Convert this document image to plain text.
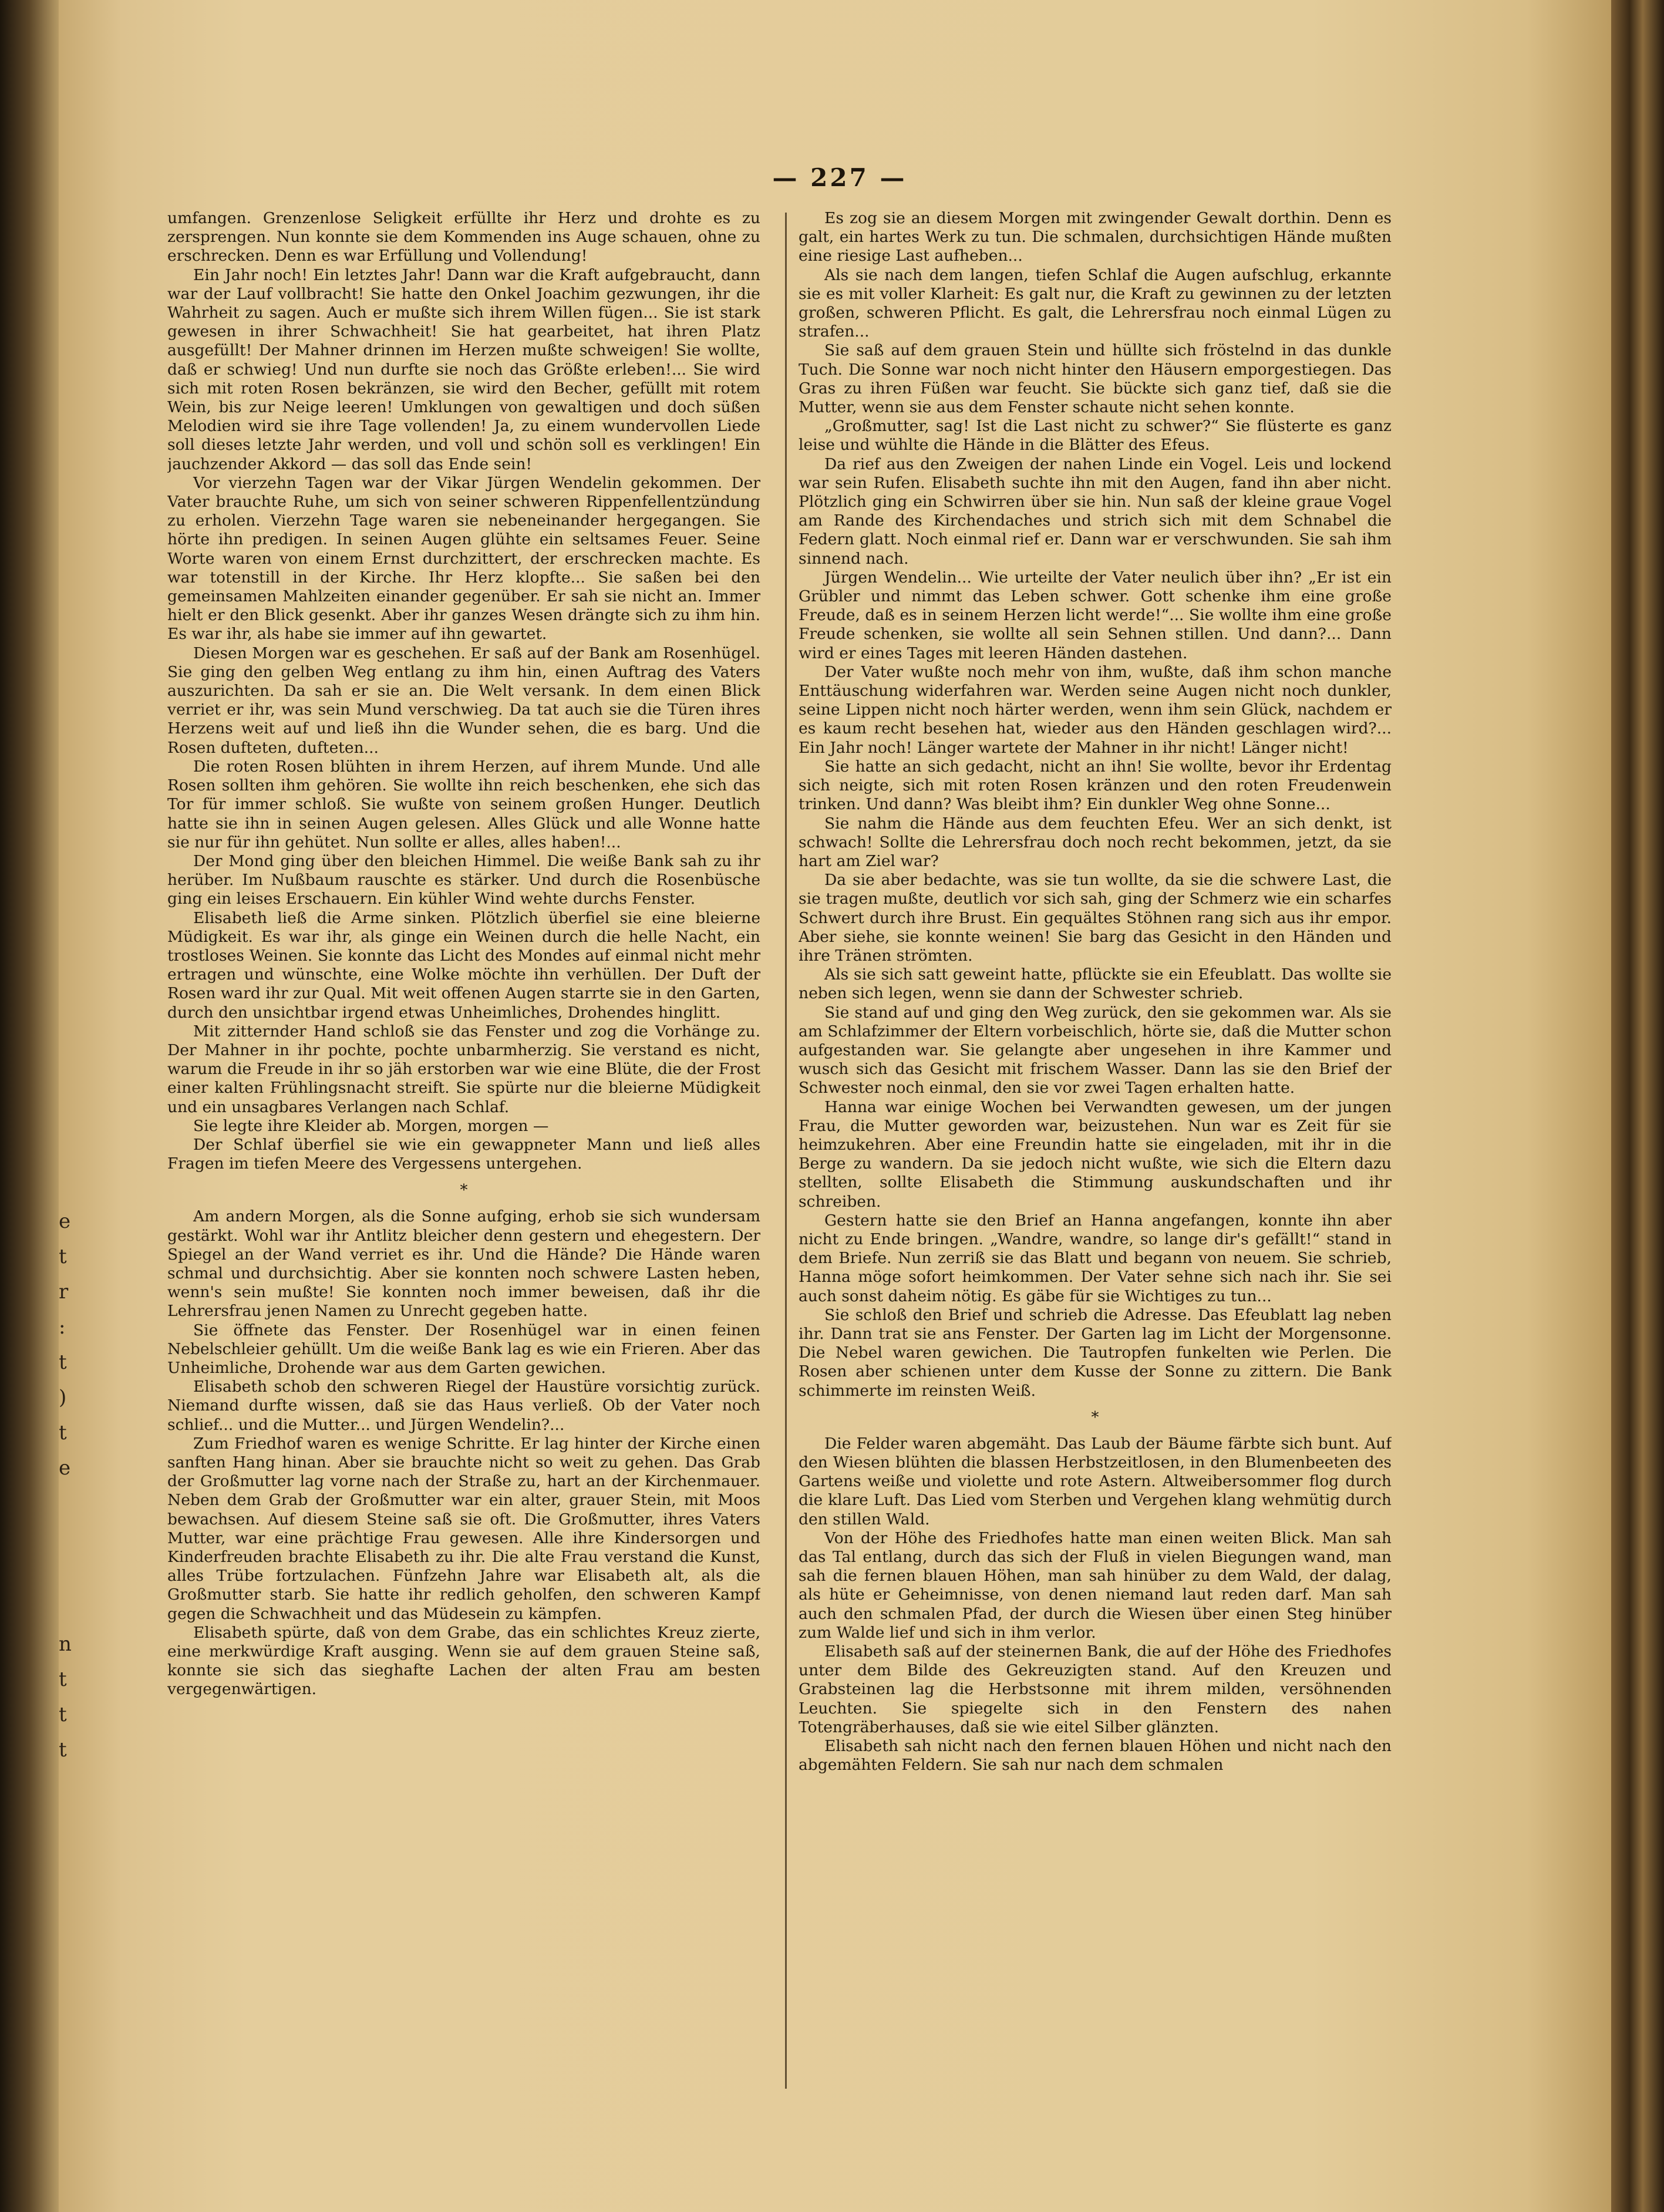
e
t
r
:
t
)
t
e

n
t
t
t
— 227 —

umfangen. Grenzenlose Seligkeit erfüllte ihr Herz und drohte es zu zersprengen. Nun konnte sie dem Kommenden ins Auge schauen, ohne zu erschrecken. Denn es war Erfüllung und Vollendung!

Ein Jahr noch! Ein letztes Jahr! Dann war die Kraft aufgebraucht, dann war der Lauf vollbracht! Sie hatte den Onkel Joachim gezwungen, ihr die Wahrheit zu sagen. Auch er mußte sich ihrem Willen fügen... Sie ist stark gewesen in ihrer Schwachheit! Sie hat gearbeitet, hat ihren Platz ausgefüllt! Der Mahner drinnen im Herzen mußte schweigen! Sie wollte, daß er schwieg! Und nun durfte sie noch das Größte erleben!... Sie wird sich mit roten Rosen bekränzen, sie wird den Becher, gefüllt mit rotem Wein, bis zur Neige leeren! Umklungen von gewaltigen und doch süßen Melodien wird sie ihre Tage vollenden! Ja, zu einem wundervollen Liede soll dieses letzte Jahr werden, und voll und schön soll es verklingen! Ein jauchzender Akkord — das soll das Ende sein!

Vor vierzehn Tagen war der Vikar Jürgen Wendelin gekommen. Der Vater brauchte Ruhe, um sich von seiner schweren Rippenfellentzündung zu erholen. Vierzehn Tage waren sie nebeneinander hergegangen. Sie hörte ihn predigen. In seinen Augen glühte ein seltsames Feuer. Seine Worte waren von einem Ernst durchzittert, der erschrecken machte. Es war totenstill in der Kirche. Ihr Herz klopfte... Sie saßen bei den gemeinsamen Mahlzeiten einander gegenüber. Er sah sie nicht an. Immer hielt er den Blick gesenkt. Aber ihr ganzes Wesen drängte sich zu ihm hin. Es war ihr, als habe sie immer auf ihn gewartet.

Diesen Morgen war es geschehen. Er saß auf der Bank am Rosenhügel. Sie ging den gelben Weg entlang zu ihm hin, einen Auftrag des Vaters auszurichten. Da sah er sie an. Die Welt versank. In dem einen Blick verriet er ihr, was sein Mund verschwieg. Da tat auch sie die Türen ihres Herzens weit auf und ließ ihn die Wunder sehen, die es barg. Und die Rosen dufteten, dufteten...

Die roten Rosen blühten in ihrem Herzen, auf ihrem Munde. Und alle Rosen sollten ihm gehören. Sie wollte ihn reich beschenken, ehe sich das Tor für immer schloß. Sie wußte von seinem großen Hunger. Deutlich hatte sie ihn in seinen Augen gelesen. Alles Glück und alle Wonne hatte sie nur für ihn gehütet. Nun sollte er alles, alles haben!...

Der Mond ging über den bleichen Himmel. Die weiße Bank sah zu ihr herüber. Im Nußbaum rauschte es stärker. Und durch die Rosenbüsche ging ein leises Erschauern. Ein kühler Wind wehte durchs Fenster.

Elisabeth ließ die Arme sinken. Plötzlich überfiel sie eine bleierne Müdigkeit. Es war ihr, als ginge ein Weinen durch die helle Nacht, ein trostloses Weinen. Sie konnte das Licht des Mondes auf einmal nicht mehr ertragen und wünschte, eine Wolke möchte ihn verhüllen. Der Duft der Rosen ward ihr zur Qual. Mit weit offenen Augen starrte sie in den Garten, durch den unsichtbar irgend etwas Unheimliches, Drohendes hinglitt.

Mit zitternder Hand schloß sie das Fenster und zog die Vorhänge zu. Der Mahner in ihr pochte, pochte unbarmherzig. Sie verstand es nicht, warum die Freude in ihr so jäh erstorben war wie eine Blüte, die der Frost einer kalten Frühlingsnacht streift. Sie spürte nur die bleierne Müdigkeit und ein unsagbares Verlangen nach Schlaf.

Sie legte ihre Kleider ab. Morgen, morgen —

Der Schlaf überfiel sie wie ein gewappneter Mann und ließ alles Fragen im tiefen Meere des Vergessens untergehen.

*

Am andern Morgen, als die Sonne aufging, erhob sie sich wundersam gestärkt. Wohl war ihr Antlitz bleicher denn gestern und ehegestern. Der Spiegel an der Wand verriet es ihr. Und die Hände? Die Hände waren schmal und durchsichtig. Aber sie konnten noch schwere Lasten heben, wenn's sein mußte! Sie konnten noch immer beweisen, daß ihr die Lehrersfrau jenen Namen zu Unrecht gegeben hatte.

Sie öffnete das Fenster. Der Rosenhügel war in einen feinen Nebelschleier gehüllt. Um die weiße Bank lag es wie ein Frieren. Aber das Unheimliche, Drohende war aus dem Garten gewichen.

Elisabeth schob den schweren Riegel der Haustüre vorsichtig zurück. Niemand durfte wissen, daß sie das Haus verließ. Ob der Vater noch schlief... und die Mutter... und Jürgen Wendelin?...

Zum Friedhof waren es wenige Schritte. Er lag hinter der Kirche einen sanften Hang hinan. Aber sie brauchte nicht so weit zu gehen. Das Grab der Großmutter lag vorne nach der Straße zu, hart an der Kirchenmauer. Neben dem Grab der Großmutter war ein alter, grauer Stein, mit Moos bewachsen. Auf diesem Steine saß sie oft. Die Großmutter, ihres Vaters Mutter, war eine prächtige Frau gewesen. Alle ihre Kindersorgen und Kinderfreuden brachte Elisabeth zu ihr. Die alte Frau verstand die Kunst, alles Trübe fortzulachen. Fünfzehn Jahre war Elisabeth alt, als die Großmutter starb. Sie hatte ihr redlich geholfen, den schweren Kampf gegen die Schwachheit und das Müdesein zu kämpfen.

Elisabeth spürte, daß von dem Grabe, das ein schlichtes Kreuz zierte, eine merkwürdige Kraft ausging. Wenn sie auf dem grauen Steine saß, konnte sie sich das sieghafte Lachen der alten Frau am besten vergegenwärtigen.

Es zog sie an diesem Morgen mit zwingender Gewalt dorthin. Denn es galt, ein hartes Werk zu tun. Die schmalen, durchsichtigen Hände mußten eine riesige Last aufheben...

Als sie nach dem langen, tiefen Schlaf die Augen aufschlug, erkannte sie es mit voller Klarheit: Es galt nur, die Kraft zu gewinnen zu der letzten großen, schweren Pflicht. Es galt, die Lehrersfrau noch einmal Lügen zu strafen...

Sie saß auf dem grauen Stein und hüllte sich fröstelnd in das dunkle Tuch. Die Sonne war noch nicht hinter den Häusern emporgestiegen. Das Gras zu ihren Füßen war feucht. Sie bückte sich ganz tief, daß sie die Mutter, wenn sie aus dem Fenster schaute nicht sehen konnte.

„Großmutter, sag! Ist die Last nicht zu schwer?“ Sie flüsterte es ganz leise und wühlte die Hände in die Blätter des Efeus.

Da rief aus den Zweigen der nahen Linde ein Vogel. Leis und lockend war sein Rufen. Elisabeth suchte ihn mit den Augen, fand ihn aber nicht. Plötzlich ging ein Schwirren über sie hin. Nun saß der kleine graue Vogel am Rande des Kirchendaches und strich sich mit dem Schnabel die Federn glatt. Noch einmal rief er. Dann war er verschwunden. Sie sah ihm sinnend nach.

Jürgen Wendelin... Wie urteilte der Vater neulich über ihn? „Er ist ein Grübler und nimmt das Leben schwer. Gott schenke ihm eine große Freude, daß es in seinem Herzen licht werde!“... Sie wollte ihm eine große Freude schenken, sie wollte all sein Sehnen stillen. Und dann?... Dann wird er eines Tages mit leeren Händen dastehen.

Der Vater wußte noch mehr von ihm, wußte, daß ihm schon manche Enttäuschung widerfahren war. Werden seine Augen nicht noch dunkler, seine Lippen nicht noch härter werden, wenn ihm sein Glück, nachdem er es kaum recht besehen hat, wieder aus den Händen geschlagen wird?... Ein Jahr noch! Länger wartete der Mahner in ihr nicht! Länger nicht!

Sie hatte an sich gedacht, nicht an ihn! Sie wollte, bevor ihr Erdentag sich neigte, sich mit roten Rosen kränzen und den roten Freudenwein trinken. Und dann? Was bleibt ihm? Ein dunkler Weg ohne Sonne...

Sie nahm die Hände aus dem feuchten Efeu. Wer an sich denkt, ist schwach! Sollte die Lehrersfrau doch noch recht bekommen, jetzt, da sie hart am Ziel war?

Da sie aber bedachte, was sie tun wollte, da sie die schwere Last, die sie tragen mußte, deutlich vor sich sah, ging der Schmerz wie ein scharfes Schwert durch ihre Brust. Ein gequältes Stöhnen rang sich aus ihr empor. Aber siehe, sie konnte weinen! Sie barg das Gesicht in den Händen und ihre Tränen strömten.

Als sie sich satt geweint hatte, pflückte sie ein Efeublatt. Das wollte sie neben sich legen, wenn sie dann der Schwester schrieb.

Sie stand auf und ging den Weg zurück, den sie gekommen war. Als sie am Schlafzimmer der Eltern vorbeischlich, hörte sie, daß die Mutter schon aufgestanden war. Sie gelangte aber ungesehen in ihre Kammer und wusch sich das Gesicht mit frischem Wasser. Dann las sie den Brief der Schwester noch einmal, den sie vor zwei Tagen erhalten hatte.

Hanna war einige Wochen bei Verwandten gewesen, um der jungen Frau, die Mutter geworden war, beizustehen. Nun war es Zeit für sie heimzukehren. Aber eine Freundin hatte sie eingeladen, mit ihr in die Berge zu wandern. Da sie jedoch nicht wußte, wie sich die Eltern dazu stellten, sollte Elisabeth die Stimmung auskundschaften und ihr schreiben.

Gestern hatte sie den Brief an Hanna angefangen, konnte ihn aber nicht zu Ende bringen. „Wandre, wandre, so lange dir's gefällt!“ stand in dem Briefe. Nun zerriß sie das Blatt und begann von neuem. Sie schrieb, Hanna möge sofort heimkommen. Der Vater sehne sich nach ihr. Sie sei auch sonst daheim nötig. Es gäbe für sie Wichtiges zu tun...

Sie schloß den Brief und schrieb die Adresse. Das Efeublatt lag neben ihr. Dann trat sie ans Fenster. Der Garten lag im Licht der Morgensonne. Die Nebel waren gewichen. Die Tautropfen funkelten wie Perlen. Die Rosen aber schienen unter dem Kusse der Sonne zu zittern. Die Bank schimmerte im reinsten Weiß.

*

Die Felder waren abgemäht. Das Laub der Bäume färbte sich bunt. Auf den Wiesen blühten die blassen Herbstzeitlosen, in den Blumenbeeten des Gartens weiße und violette und rote Astern. Altweibersommer flog durch die klare Luft. Das Lied vom Sterben und Vergehen klang wehmütig durch den stillen Wald.

Von der Höhe des Friedhofes hatte man einen weiten Blick. Man sah das Tal entlang, durch das sich der Fluß in vielen Biegungen wand, man sah die fernen blauen Höhen, man sah hinüber zu dem Wald, der dalag, als hüte er Geheimnisse, von denen niemand laut reden darf. Man sah auch den schmalen Pfad, der durch die Wiesen über einen Steg hinüber zum Walde lief und sich in ihm verlor.

Elisabeth saß auf der steinernen Bank, die auf der Höhe des Friedhofes unter dem Bilde des Gekreuzigten stand. Auf den Kreuzen und Grabsteinen lag die Herbstsonne mit ihrem milden, versöhnenden Leuchten. Sie spiegelte sich in den Fenstern des nahen Totengräberhauses, daß sie wie eitel Silber glänzten.

Elisabeth sah nicht nach den fernen blauen Höhen und nicht nach den abgemähten Feldern. Sie sah nur nach dem schmalen
